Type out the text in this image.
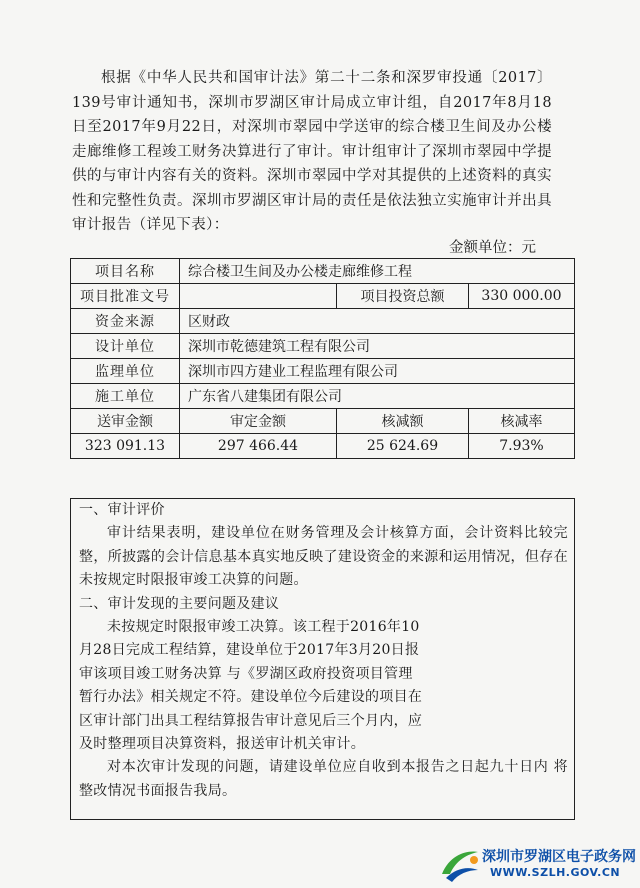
根据《中华人民共和国审计法》第二十二条和深罗审投通〔2017〕139号审计通知书，深圳市罗湖区审计局成立审计组，自2017年8月18日至2017年9月22日，对深圳市翠园中学送审的综合楼卫生间及办公楼走廊维修工程竣工财务决算进行了审计。审计组审计了深圳市翠园中学提供的与审计内容有关的资料。深圳市翠园中学对其提供的上述资料的真实性和完整性负责。深圳市罗湖区审计局的责任是依法独立实施审计并出具审计报告（详见下表）：

金额单位：元
项目名称	综合楼卫生间及办公楼走廊维修工程		
项目批准文号		项目投资总额	330 000.00
资金来源	区财政		
设计单位	深圳市乾德建筑工程有限公司		
监理单位	深圳市四方建业工程监理有限公司		
施工单位	广东省八建集团有限公司		
送审金额	审定金额	核减额	核减率
323 091.13	297 466.44	25 624.69	7.93%
一、审计评价
审计结果表明，建设单位在财务管理及会计核算方面，会计资料比较完整，所披露的会计信息基本真实地反映了建设资金的来源和运用情况，但存在未按规定时限报审竣工决算的问题。
二、审计发现的主要问题及建议
未按规定时限报审竣工决算。该工程于2016年10月28日完成工程结算，建设单位于2017年3月20日报审该项目竣工财务决算 与《罗湖区政府投资项目管理暂行办法》相关规定不符。建设单位今后建设的项目在区审计部门出具工程结算报告审计意见后三个月内，应及时整理项目决算资料，报送审计机关审计。
对本次审计发现的问题，请建设单位应自收到本报告之日起九十日内 将整改情况书面报告我局。
深圳市罗湖区电子政务网
WWW.SZLH.GOV.CN
